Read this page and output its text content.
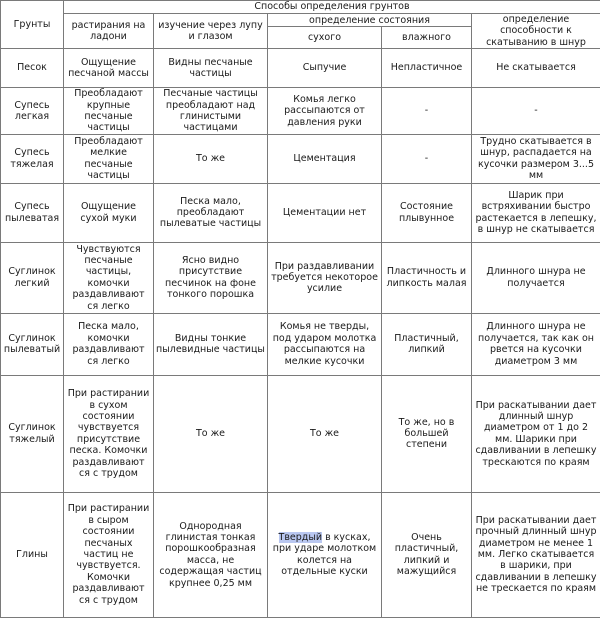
Грунты	Способы определения грунтов				
	растирания на ладони	изучение через лупу и глазом	определение состояния		определение способности к скатыванию в шнур
			сухого	влажного	
Песок	Ощущение песчаной массы	Видны песчаные частицы	Сыпучие	Непластичное	Не скатывается
Супесь легкая	Преобладают крупные песчаные частицы	Песчаные частицы преобладают над глинистыми частицами	Комья легко рассыпаются от давления руки	-	-
Супесь тяжелая	Преобладают мелкие песчаные частицы	То же	Цементация	-	Трудно скатывается в шнур, распадается на кусочки размером 3...5 мм
Супесь пылеватая	Ощущение сухой муки	Песка мало, преобладают пылеватые частицы	Цементации нет	Состояние плывунное	Шарик при встряхивании быстро растекается в лепешку, в шнур не скатывается
Суглинок легкий	Чувствуются песчаные частицы, комочки раздавливают ся легко	Ясно видно присутствие песчинок на фоне тонкого порошка	При раздавливании требуется некоторое усилие	Пластичность и липкость малая	Длинного шнура не получается
Суглинок пылеватый	Песка мало, комочки раздавливают ся легко	Видны тонкие пылевидные частицы	Комья не тверды, под ударом молотка рассыпаются на мелкие кусочки	Пластичный, липкий	Длинного шнура не получается, так как он рвется на кусочки диаметром 3 мм
Суглинок тяжелый	При растирании в сухом состоянии чувствуется присутствие песка. Комочки раздавливают ся с трудом	То же	То же	То же, но в большей степени	При раскатывании дает длинный шнур диаметром от 1 до 2 мм. Шарики при сдавливании в лепешку трескаются по краям
Глины	При растирании в сыром состоянии песчаных частиц не чувствуется. Комочки раздавливают ся с трудом	Однородная глинистая тонкая порошкообразная масса, не содержащая частиц крупнее 0,25 мм	Твердый в кусках, при ударе молотком колется на отдельные куски	Очень пластичный, липкий и мажущийся	При раскатывании дает прочный длинный шнур диаметром не менее 1 мм. Легко скатывается в шарики, при сдавливании в лепешку не трескается по краям
